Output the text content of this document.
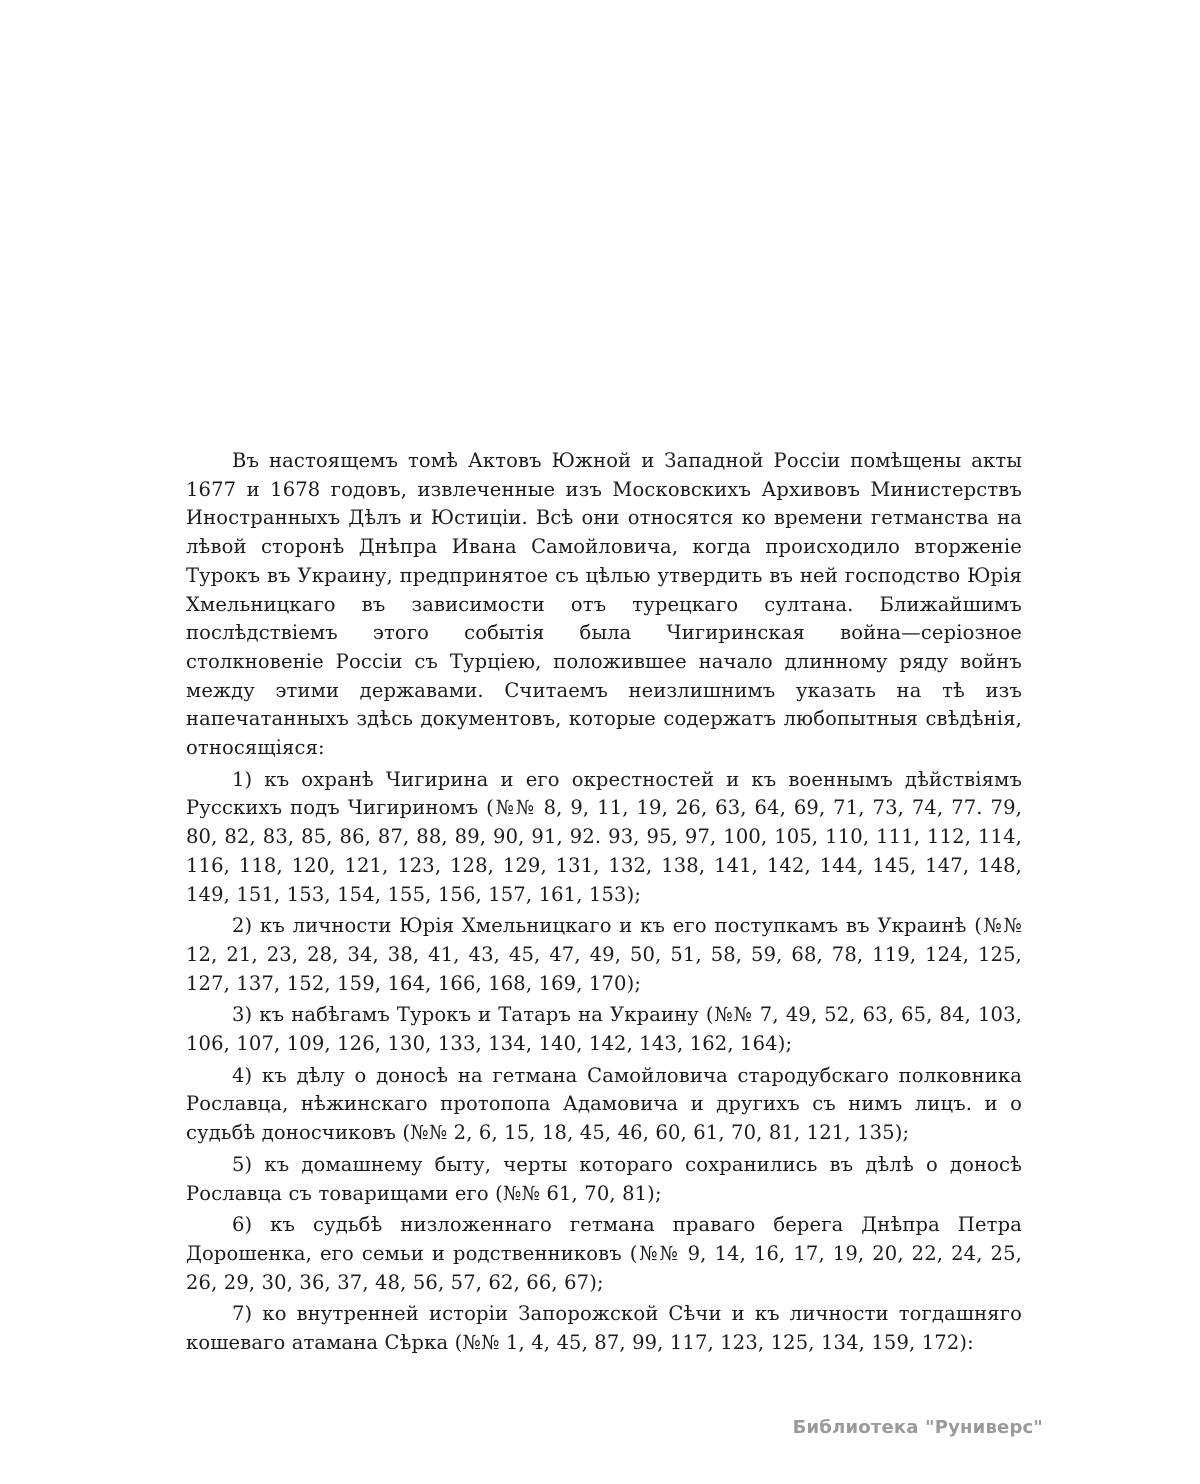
Въ настоящемъ томѣ Актовъ Южной и Западной Россіи помѣщены акты 1677 и 1678 годовъ, извлеченные изъ Московскихъ Архивовъ Министерствъ Иностранныхъ Дѣлъ и Юстиціи. Всѣ они относятся ко времени гетманства на лѣвой сторонѣ Днѣпра Ивана Самойловича, когда происходило вторженіе Турокъ въ Украину, предпринятое съ цѣлью утвердить въ ней господство Юрія Хмельницкаго въ зависимости отъ турецкаго султана. Ближайшимъ послѣдствіемъ этого событія была Чигиринская война—серіозное столкновеніе Россіи съ Турціею, положившее начало длинному ряду войнъ между этими державами. Считаемъ неизлишнимъ указать на тѣ изъ напечатанныхъ здѣсь документовъ, которые содержатъ любопытныя свѣдѣнія, относящіяся:

1) къ охранѣ Чигирина и его окрестностей и къ военнымъ дѣйствіямъ Русскихъ подъ Чигириномъ (№№ 8, 9, 11, 19, 26, 63, 64, 69, 71, 73, 74, 77. 79, 80, 82, 83, 85, 86, 87, 88, 89, 90, 91, 92. 93, 95, 97, 100, 105, 110, 111, 112, 114, 116, 118, 120, 121, 123, 128, 129, 131, 132, 138, 141, 142, 144, 145, 147, 148, 149, 151, 153, 154, 155, 156, 157, 161, 153);

2) къ личности Юрія Хмельницкаго и къ его поступкамъ въ Украинѣ (№№ 12, 21, 23, 28, 34, 38, 41, 43, 45, 47, 49, 50, 51, 58, 59, 68, 78, 119, 124, 125, 127, 137, 152, 159, 164, 166, 168, 169, 170);

3) къ набѣгамъ Турокъ и Татаръ на Украину (№№ 7, 49, 52, 63, 65, 84, 103, 106, 107, 109, 126, 130, 133, 134, 140, 142, 143, 162, 164);

4) къ дѣлу о доносѣ на гетмана Самойловича стародубскаго полковника Рославца, нѣжинскаго протопопа Адамовича и другихъ съ нимъ лицъ. и о судьбѣ доносчиковъ (№№ 2, 6, 15, 18, 45, 46, 60, 61, 70, 81, 121, 135);

5) къ домашнему быту, черты котораго сохранились въ дѣлѣ о доносѣ Рославца съ товарищами его (№№ 61, 70, 81);

6) къ судьбѣ низложеннаго гетмана праваго берега Днѣпра Петра Дорошенка, его семьи и родственниковъ (№№ 9, 14, 16, 17, 19, 20, 22, 24, 25, 26, 29, 30, 36, 37, 48, 56, 57, 62, 66, 67);

7) ко внутренней исторіи Запорожской Сѣчи и къ личности тогдашняго кошеваго атамана Сѣрка (№№ 1, 4, 45, 87, 99, 117, 123, 125, 134, 159, 172):

Библиотека "Руниверс"
